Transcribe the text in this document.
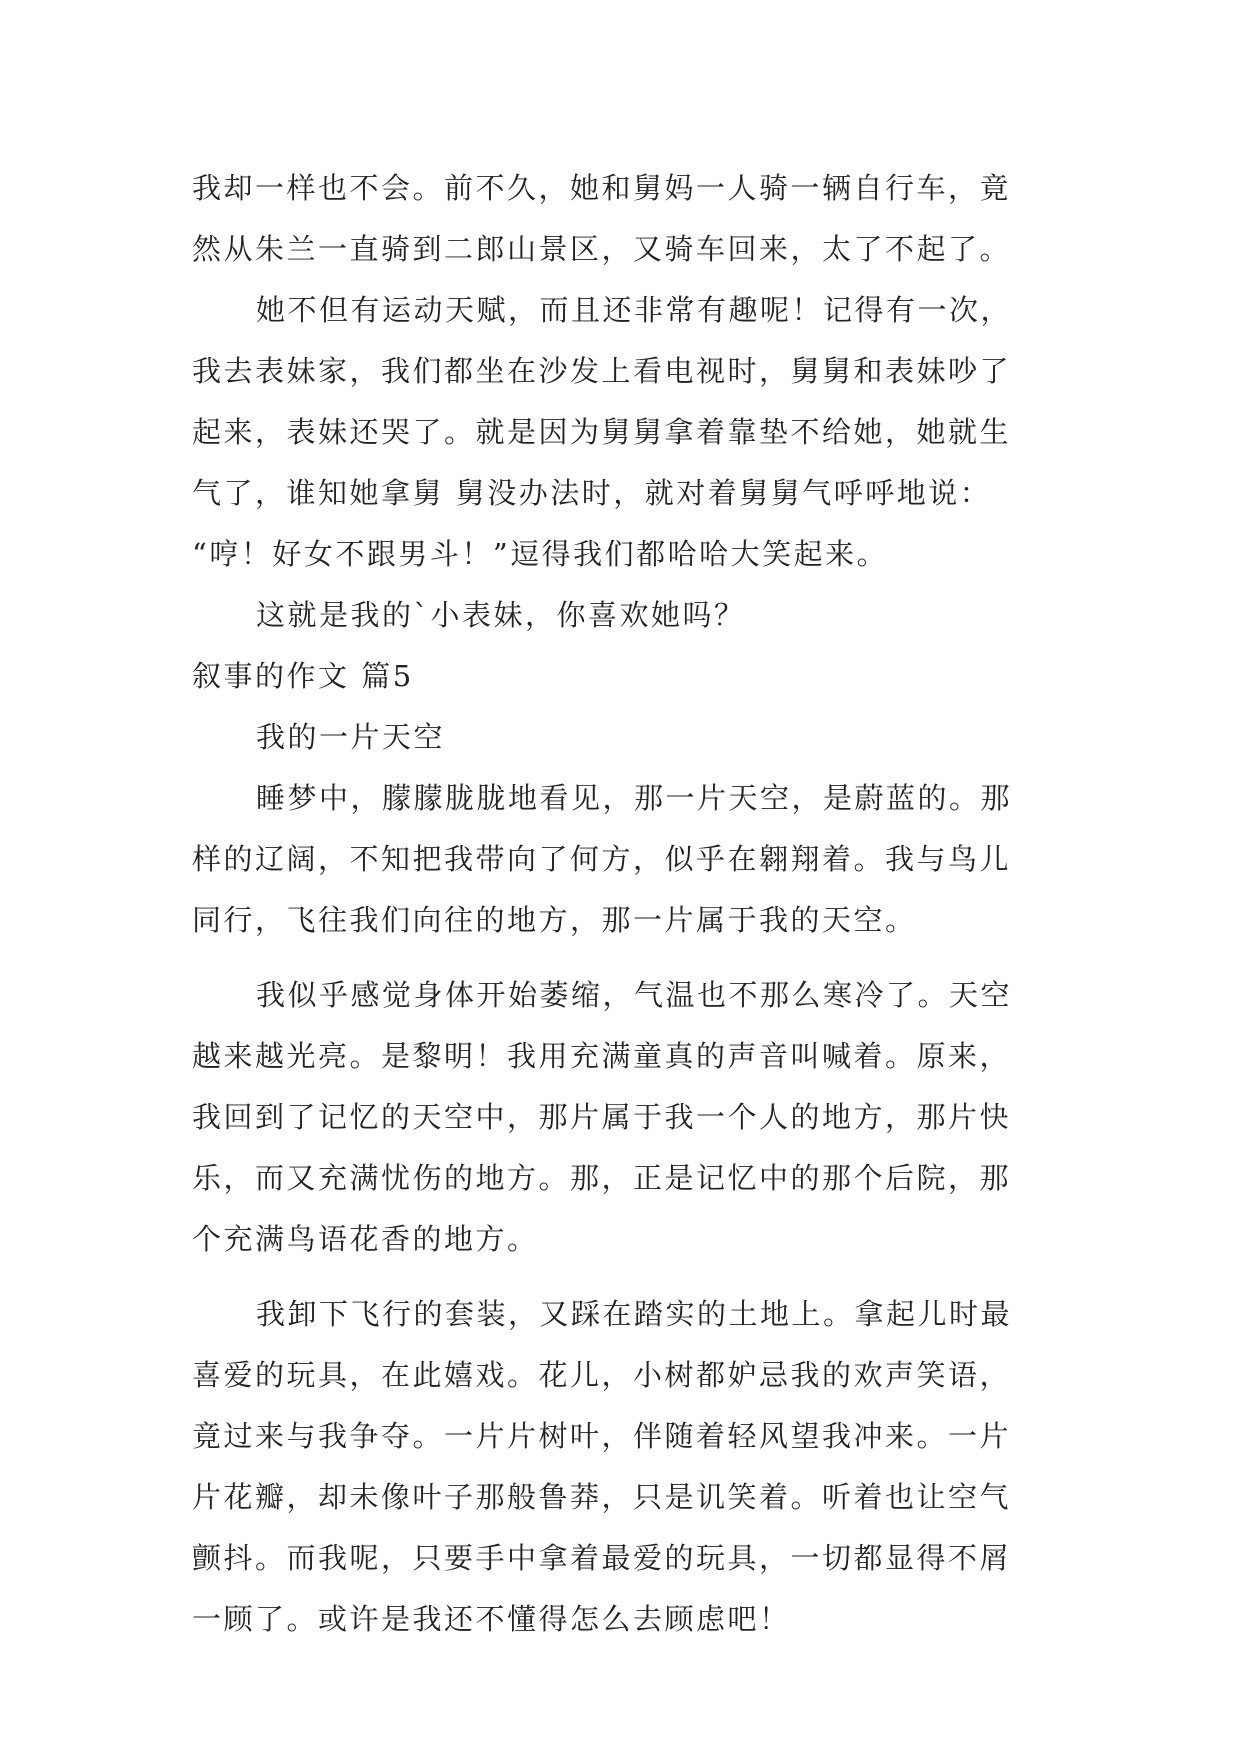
我却一样也不会。前不久，她和舅妈一人骑一辆自行车，竟
然从朱兰一直骑到二郎山景区，又骑车回来，太了不起了。
她不但有运动天赋，而且还非常有趣呢！记得有一次，
我去表妹家，我们都坐在沙发上看电视时，舅舅和表妹吵了
起来，表妹还哭了。就是因为舅舅拿着靠垫不给她，她就生
气了，谁知她拿舅 舅没办法时，就对着舅舅气呼呼地说：
“哼！好女不跟男斗！”逗得我们都哈哈大笑起来。
这就是我的`小表妹，你喜欢她吗？
叙事的作文 篇5
我的一片天空
睡梦中，朦朦胧胧地看见，那一片天空，是蔚蓝的。那
样的辽阔，不知把我带向了何方，似乎在翱翔着。我与鸟儿
同行，飞往我们向往的地方，那一片属于我的天空。
我似乎感觉身体开始萎缩，气温也不那么寒冷了。天空
越来越光亮。是黎明！我用充满童真的声音叫喊着。原来，
我回到了记忆的天空中，那片属于我一个人的地方，那片快
乐，而又充满忧伤的地方。那，正是记忆中的那个后院，那
个充满鸟语花香的地方。
我卸下飞行的套装，又踩在踏实的土地上。拿起儿时最
喜爱的玩具，在此嬉戏。花儿，小树都妒忌我的欢声笑语，
竟过来与我争夺。一片片树叶，伴随着轻风望我冲来。一片
片花瓣，却未像叶子那般鲁莽，只是讥笑着。听着也让空气
颤抖。而我呢，只要手中拿着最爱的玩具，一切都显得不屑
一顾了。或许是我还不懂得怎么去顾虑吧！
